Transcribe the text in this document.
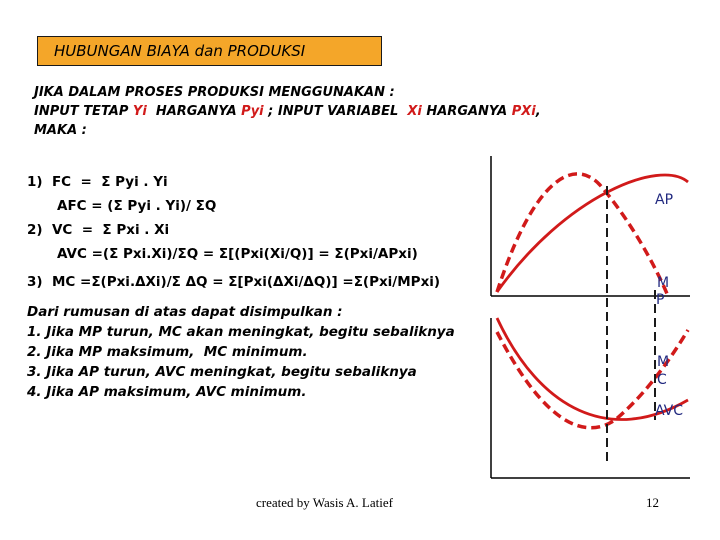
HUBUNGAN BIAYA dan PRODUKSI
JIKA DALAM PROSES PRODUKSI MENGGUNAKAN :
INPUT TETAP Yi  HARGANYA Pyi ; INPUT VARIABEL  Xi HARGANYA PXi,
MAKA :
1)  FC  =  Σ Pyi . Yi
AFC = (Σ Pyi . Yi)/ ΣQ
2)  VC  =  Σ Pxi . Xi
AVC =(Σ Pxi.Xi)/ΣQ = Σ[(Pxi(Xi/Q)] = Σ(Pxi/APxi)
3)  MC =Σ(Pxi.ΔXi)/Σ ΔQ = Σ[Pxi(ΔXi/ΔQ)] =Σ(Pxi/MPxi)
Dari rumusan di atas dapat disimpulkan :
1. Jika MP turun, MC akan meningkat, begitu sebaliknya
2. Jika MP maksimum,  MC minimum.
3. Jika AP turun, AVC meningkat, begitu sebaliknya
4. Jika AP maksimum, AVC minimum.
AP
M
P
M
C
AVC
created by Wasis A. Latief	12
